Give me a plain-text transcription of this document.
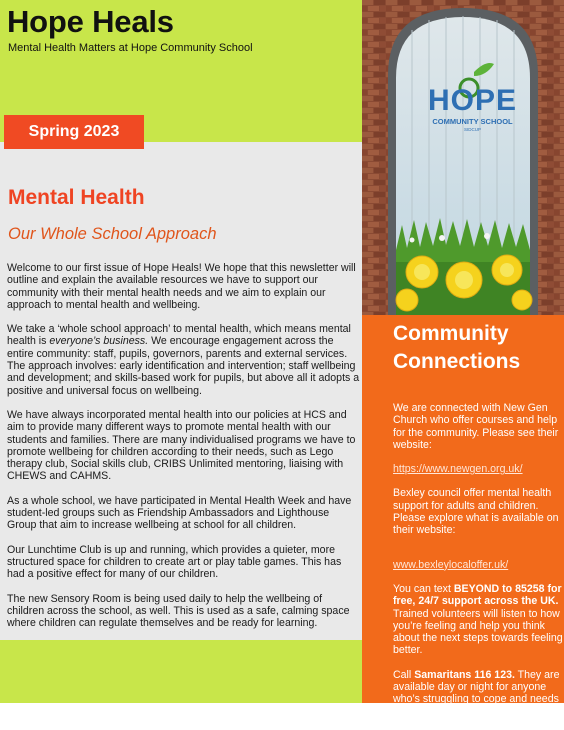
Hope Heals
Mental Health Matters at Hope Community School
Spring 2023
Mental Health
Our Whole School Approach

Welcome to our first issue of Hope Heals! We hope that this newsletter will outline and explain the available resources we have to support our community with their mental health needs and we aim to explain our approach to mental health and wellbeing.

We take a ‘whole school approach’ to mental health, which means mental health is everyone’s business. We encourage engagement across the entire community: staff, pupils, governors, parents and external services. The approach involves: early identification and intervention; staff wellbeing and development; and skills-based work for pupils, but above all it adopts a positive and universal focus on wellbeing.

We have always incorporated mental health into our policies at HCS and aim to provide many different ways to promote mental health with our students and families. There are many individualised programs we have to promote wellbeing for children according to their needs, such as Lego therapy club, Social skills club, CRIBS Unlimited mentoring, liaising with CHEWS and CAHMS.

As a whole school, we have participated in Mental Health Week and have student-led groups such as Friendship Ambassadors and Lighthouse Group that aim to increase wellbeing at school for all children.

Our Lunchtime Club is up and running, which provides a quieter, more structured space for children to create art or play table games. This has had a positive effect for many of our children.

The new Sensory Room is being used daily to help the wellbeing of children across the school, as well. This is used as a safe, calming space where children can regulate themselves and be ready for learning.

HOPE
COMMUNITY SCHOOL
SIDCUP
Community Connections

We are connected with New Gen Church who offer courses and help for the community. Please see their website:

https://www.newgen.org.uk/

Bexley council offer mental health support for adults and children. Please explore what is available on their website:

www.bexleylocaloffer.uk/

You can text BEYOND to 85258 for free, 24/7 support across the UK. Trained volunteers will listen to how you’re feeling and help you think about the next steps towards feeling better.

Call Samaritans 116 123. They are available day or night for anyone who’s struggling to cope and needs someone to listen.
